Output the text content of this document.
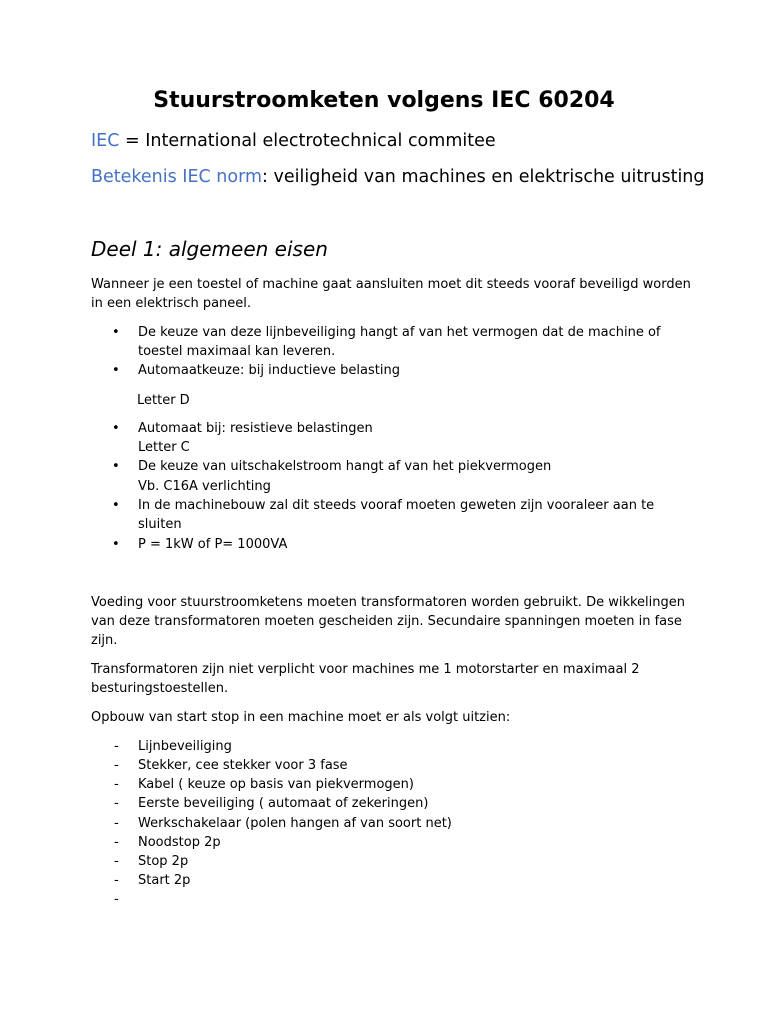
Stuurstroomketen volgens IEC 60204
IEC = International electrotechnical commitee
Betekenis IEC norm: veiligheid van machines en elektrische uitrusting
Deel 1: algemeen eisen
Wanneer je een toestel of machine gaat aansluiten moet dit steeds vooraf beveiligd worden
in een elektrisch paneel.
• De keuze van deze lijnbeveiliging hangt af van het vermogen dat de machine of
toestel maximaal kan leveren.
• Automaatkeuze: bij inductieve belasting
Letter D
• Automaat bij: resistieve belastingen
Letter C
• De keuze van uitschakelstroom hangt af van het piekvermogen
Vb. C16A verlichting
• In de machinebouw zal dit steeds vooraf moeten geweten zijn vooraleer aan te
sluiten
• P = 1kW of P= 1000VA
Voeding voor stuurstroomketens moeten transformatoren worden gebruikt. De wikkelingen
van deze transformatoren moeten gescheiden zijn. Secundaire spanningen moeten in fase
zijn.
Transformatoren zijn niet verplicht voor machines me 1 motorstarter en maximaal 2
besturingstoestellen.
Opbouw van start stop in een machine moet er als volgt uitzien:
- Lijnbeveiliging
- Stekker, cee stekker voor 3 fase
- Kabel ( keuze op basis van piekvermogen)
- Eerste beveiliging ( automaat of zekeringen)
- Werkschakelaar (polen hangen af van soort net)
- Noodstop 2p
- Stop 2p
- Start 2p
-
